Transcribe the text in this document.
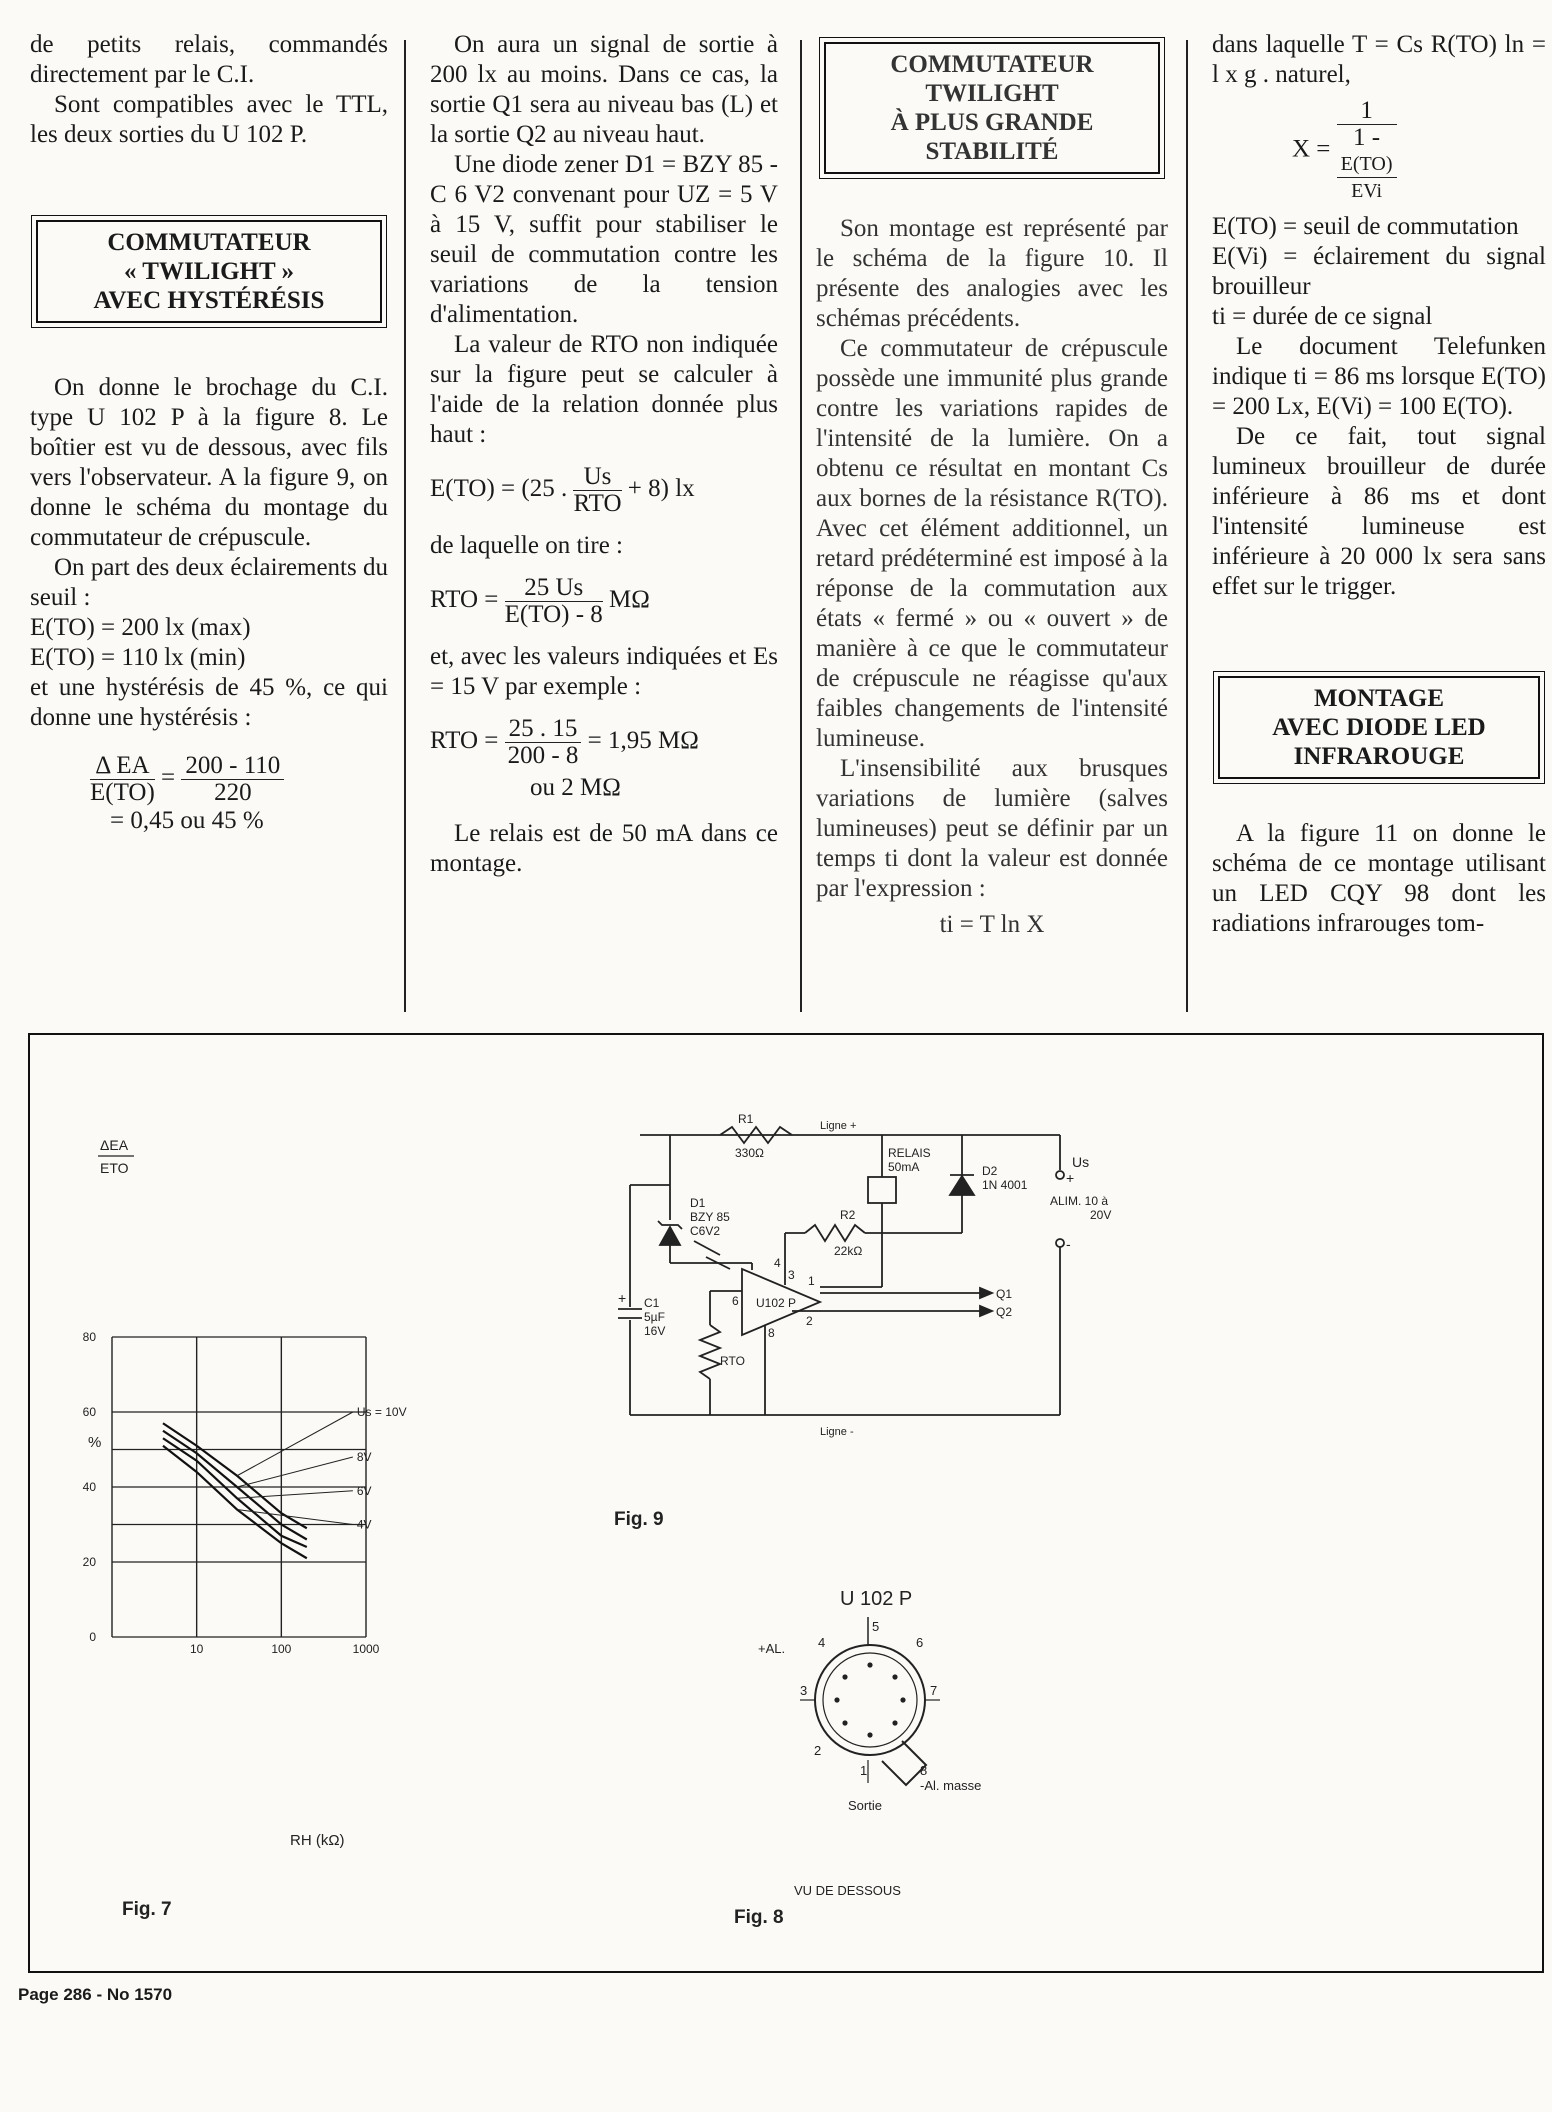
de petits relais, commandés directement par le C.I.

Sont compatibles avec le TTL, les deux sorties du U 102 P.

COMMUTATEUR
« TWILIGHT »
AVEC HYSTÉRÉSIS

On donne le brochage du C.I. type U 102 P à la figure 8. Le boîtier est vu de dessous, avec fils vers l'observateur. A la figure 9, on donne le schéma du montage du commutateur de crépuscule.

On part des deux éclairements du seuil :

E(TO) = 200 lx (max)

E(TO) = 110 lx (min)

et une hystérésis de 45 %, ce qui donne une hystérésis :

$\frac{\text{Δ EA}}{E(TO)} = \frac{200 - 110}{220}$

= 0,45 ou 45 %

On aura un signal de sortie à 200 lx au moins. Dans ce cas, la sortie Q1 sera au niveau bas (L) et la sortie Q2 au niveau haut.

Une diode zener D1 = BZY 85 - C 6 V2 convenant pour UZ = 5 V à 15 V, suffit pour stabiliser le seuil de commutation contre les variations de la tension d'alimentation.

La valeur de RTO non indiquée sur la figure peut se calculer à l'aide de la relation donnée plus haut :

E(TO) = (25 . $\frac{Us}{\text{RTO}} + 8$) lx

de laquelle on tire :

RTO = $\frac{25 Us}{E(TO) - 8}$ MΩ

et, avec les valeurs indiquées et Es = 15 V par exemple :

RTO = $\frac{25 . 15}{200 - 8} = 1,95$ MΩ

ou 2 MΩ

Le relais est de 50 mA dans ce montage.

COMMUTATEUR
TWILIGHT
À PLUS GRANDE
STABILITÉ

Son montage est représenté par le schéma de la figure 10. Il présente des analogies avec les schémas précédents.

Ce commutateur de crépuscule possède une immunité plus grande contre les variations rapides de l'intensité de la lumière. On a obtenu ce résultat en montant Cs aux bornes de la résistance R(TO). Avec cet élément additionnel, un retard prédéterminé est imposé à la réponse de la commutation aux états « fermé » ou « ouvert » de manière à ce que le commutateur de crépuscule ne réagisse qu'aux faibles changements de l'intensité lumineuse.

L'insensibilité aux brusques variations de lumière (salves lumineuses) peut se définir par un temps ti dont la valeur est donnée par l'expression :

ti = T ln X

dans laquelle T = Cs R(TO) ln = l x g . naturel,

X = 1
1 -
E(TO)
EVi

E(TO) = seuil de commutation

E(Vi) = éclairement du signal brouilleur

ti = durée de ce signal

Le document Telefunken indique ti = 86 ms lorsque E(TO) = 200 Lx, E(Vi) = 100 E(TO).

De ce fait, tout signal lumineux brouilleur de durée inférieure à 86 ms et dont l'intensité lumineuse est inférieure à 20 000 lx sera sans effet sur le trigger.

MONTAGE
AVEC DIODE LED
INFRAROUGE

A la figure 11 on donne le schéma de ce montage utilisant un LED CQY 98 dont les radiations infrarouges tom-

Us = 10V
8V
6V
4V
0
20
40
60
80
10	100	1000
ΔEA
ETO
%
RH (kΩ)
Fig. 7
R1
330Ω
Ligne +
Ligne -
RELAIS
50mA	D2
1N 4001
Us
+
-
ALIM. 10 à
20V
R2
22kΩ
D1
BZY 85
C6V2
+ C1
5µF
16V
U102 P
RTO
Q1
Q2
4
3 1
6
2
8
Fig. 9
U 102 P
5
4	6
3	7
2
1	8
+AL.
-Al. masse
Sortie
VU DE DESSOUS
Fig. 8
Page 286 - No 1570
